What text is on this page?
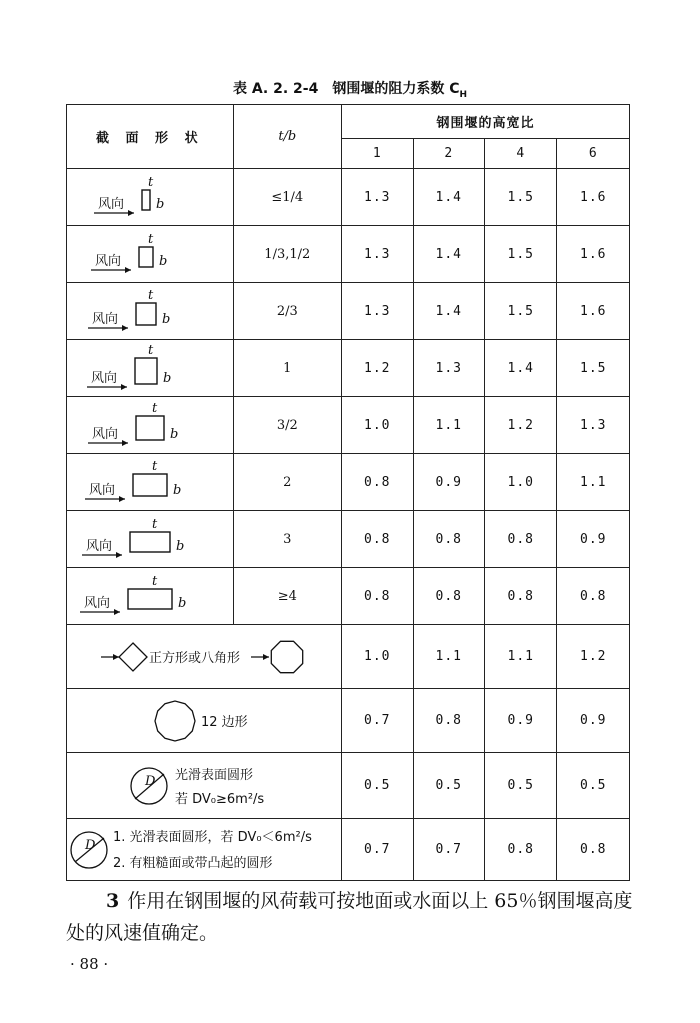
表 A. 2. 2-4 钢围堰的阻力系数 $C_H$
截 面 形 状	t/b	钢围堰的高宽比			
		1	2	4	6

风向
t
b	≤1/4	1.3	1.4	1.5	1.6

风向
t
b	1/3,1/2	1.3	1.4	1.5	1.6

风向
t
b	2/3	1.3	1.4	1.5	1.6

风向
t
b	1	1.2	1.3	1.4	1.5

风向
t
b	3/2	1.0	1.1	1.2	1.3

风向
t
b	2	0.8	0.9	1.0	1.1

风向
t
b	3	0.8	0.8	0.8	0.9

风向
t
b	≥4	0.8	0.8	0.8	0.8

正方形或八角形		1.0	1.1	1.1	1.2

12 边形		0.7	0.8	0.9	0.9

D 光滑表面圆形
若 DV₀≥6m²/s		0.5	0.5	0.5	0.5

D
1. 光滑表面圆形，若 DV₀＜6m²/s
2. 有粗糙面或带凸起的圆形		0.7	0.7	0.8	0.8
3 作用在钢围堰的风荷载可按地面或水面以上 65％钢围堰高度处的风速值确定。
· 88 ·
